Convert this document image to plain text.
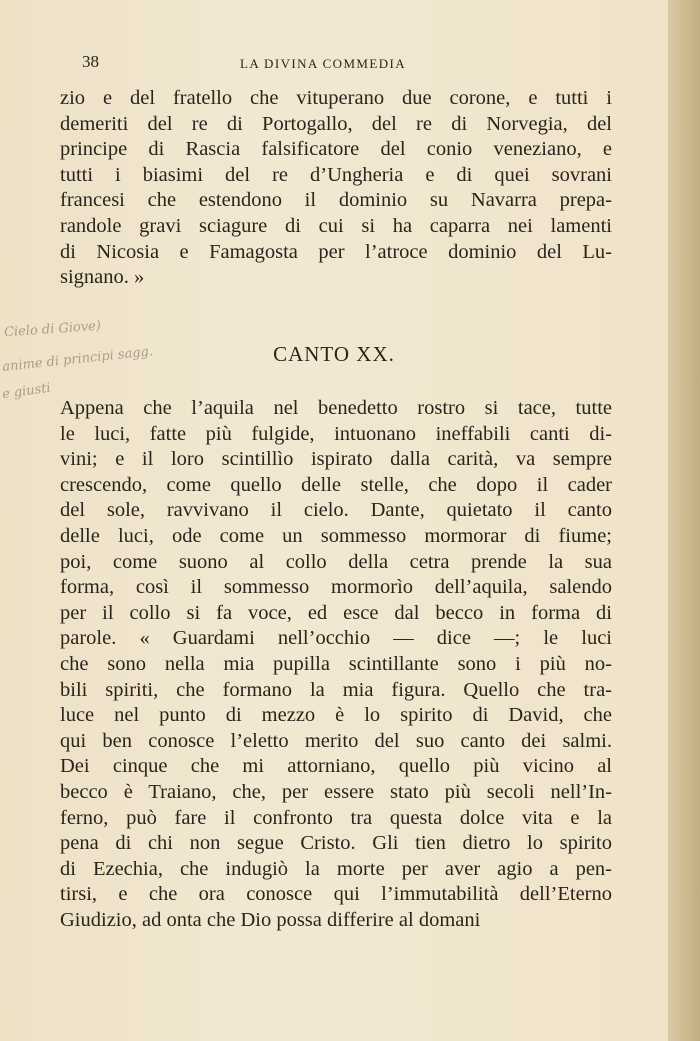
38	LA DIVINA COMMEDIA
zio e del fratello che vituperano due corone, e tutti i
demeriti del re di Portogallo, del re di Norvegia, del
principe di Rascia falsificatore del conio veneziano, e
tutti i biasimi del re d’Ungheria e di quei sovrani
francesi che estendono il dominio su Navarra prepa-
randole gravi sciagure di cui si ha caparra nei lamenti
di Nicosia e Famagosta per l’atroce dominio del Lu-
signano. »
Cielo di Giove)
anime di principi sagg.
e giusti
CANTO XX.
Appena che l’aquila nel benedetto rostro si tace, tutte
le luci, fatte più fulgide, intuonano ineffabili canti di-
vini; e il loro scintillìo ispirato dalla carità, va sempre
crescendo, come quello delle stelle, che dopo il cader
del sole, ravvivano il cielo. Dante, quietato il canto
delle luci, ode come un sommesso mormorar di fiume;
poi, come suono al collo della cetra prende la sua
forma, così il sommesso mormorìo dell’aquila, salendo
per il collo si fa voce, ed esce dal becco in forma di
parole. « Guardami nell’occhio — dice —; le luci
che sono nella mia pupilla scintillante sono i più no-
bili spiriti, che formano la mia figura. Quello che tra-
luce nel punto di mezzo è lo spirito di David, che
qui ben conosce l’eletto merito del suo canto dei salmi.
Dei cinque che mi attorniano, quello più vicino al
becco è Traiano, che, per essere stato più secoli nell’In-
ferno, può fare il confronto tra questa dolce vita e la
pena di chi non segue Cristo. Gli tien dietro lo spirito
di Ezechia, che indugiò la morte per aver agio a pen-
tirsi, e che ora conosce qui l’immutabilità dell’Eterno
Giudizio, ad onta che Dio possa differire al domani
